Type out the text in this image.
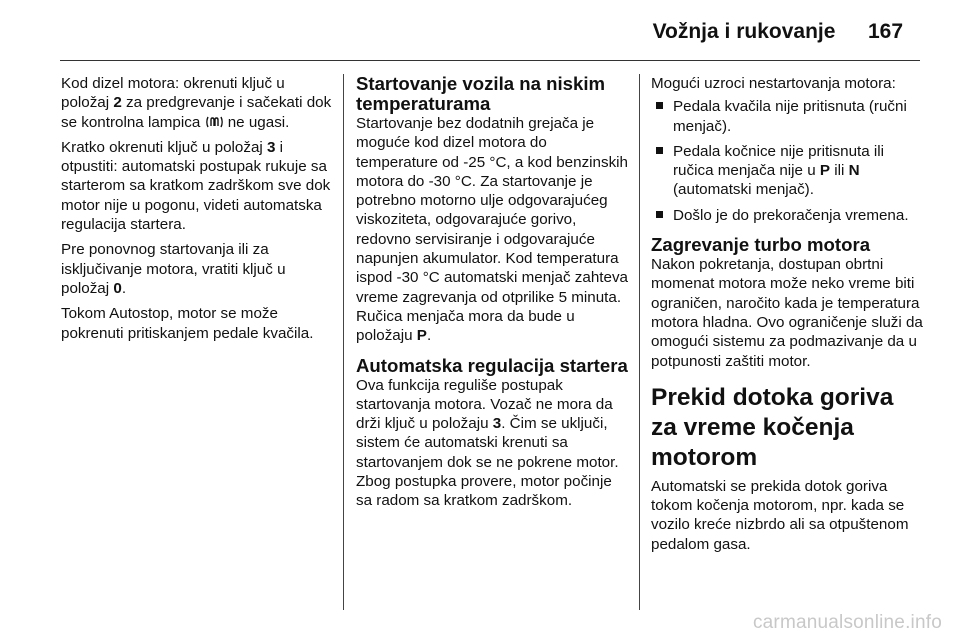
Vožnja i rukovanje	167

Kod dizel motora: okrenuti ključ u položaj 2 za predgrevanje i sačekati dok se kontrolna lampica  ne ugasi.

Kratko okrenuti ključ u položaj 3 i otpustiti: automatski postupak rukuje sa starterom sa kratkom zadrškom sve dok motor nije u pogonu, videti automatska regulacija startera.

Pre ponovnog startovanja ili za isključivanje motora, vratiti ključ u položaj 0.

Tokom Autostop, motor se može pokrenuti pritiskanjem pedale kvačila.

Startovanje vozila na niskim temperaturama

Startovanje bez dodatnih grejača je moguće kod dizel motora do temperature od -25 °C, a kod benzinskih motora do -30 °C. Za startovanje je potrebno motorno ulje odgovarajućeg viskoziteta, odgovarajuće gorivo, redovno servisiranje i odgovarajuće napunjen akumulator. Kod temperatura ispod -30 °C automatski menjač zahteva vreme zagrevanja od otprilike 5 minuta. Ručica menjača mora da bude u položaju P.

Automatska regulacija startera

Ova funkcija reguliše postupak startovanja motora. Vozač ne mora da drži ključ u položaju 3. Čim se uključi, sistem će automatski krenuti sa startovanjem dok se ne pokrene motor. Zbog postupka provere, motor počinje sa radom sa kratkom zadrškom.

Mogući uzroci nestartovanja motora:
Pedala kvačila nije pritisnuta (ručni menjač).
Pedala kočnice nije pritisnuta ili ručica menjača nije u P ili N (automatski menjač).
Došlo je do prekoračenja vremena.
Zagrevanje turbo motora

Nakon pokretanja, dostupan obrtni momenat motora može neko vreme biti ograničen, naročito kada je temperatura motora hladna. Ovo ograničenje služi da omogući sistemu za podmazivanje da u potpunosti zaštiti motor.

Prekid dotoka goriva za vreme kočenja motorom

Automatski se prekida dotok goriva tokom kočenja motorom, npr. kada se vozilo kreće nizbrdo ali sa otpuštenom pedalom gasa.

carmanualsonline.info
